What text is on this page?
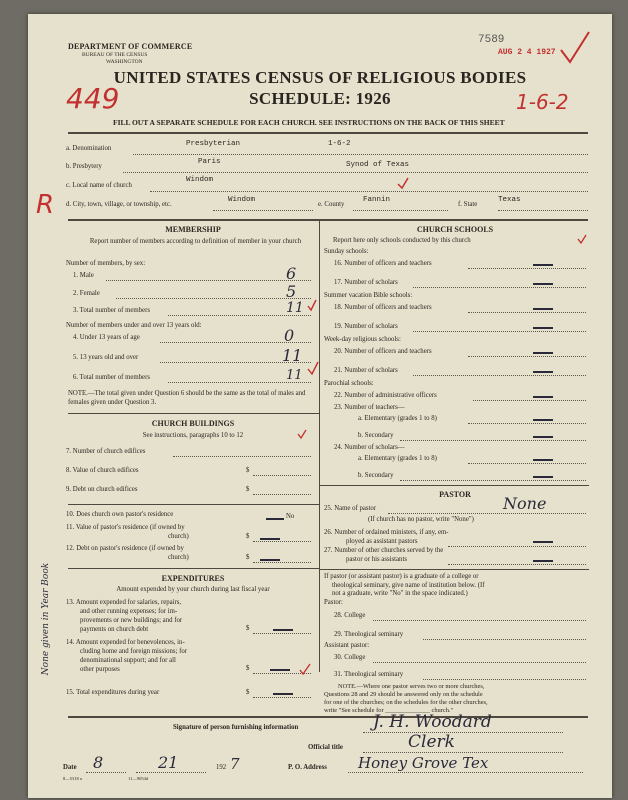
DEPARTMENT OF COMMERCE
BUREAU OF THE CENSUS
WASHINGTON
7589
AUG 2 4 1927
UNITED STATES CENSUS OF RELIGIOUS BODIES
SCHEDULE: 1926
449	1-6-2
FILL OUT A SEPARATE SCHEDULE FOR EACH CHURCH. SEE INSTRUCTIONS ON THE BACK OF THIS SHEET
a. Denomination
Presbyterian	1-6-2
b. Presbytery
Paris	Synod of Texas
c. Local name of church
Windom
R d. City, town, village, or township, etc.
Windom
e. County
Fannin
f. State
Texas
MEMBERSHIP
Report number of members according to definition of member in your church
Number of members, by sex:
1. Male	6
2. Female	5
3. Total number of members	11
Number of members under and over 13 years old:
4. Under 13 years of age	0
5. 13 years old and over	11
6. Total number of members	11
NOTE.—The total given under Question 6 should be the same as the total of males and females given under Question 3.
CHURCH BUILDINGS
See instructions, paragraphs 10 to 12
7. Number of church edifices
8. Value of church edifices	$
9. Debt on church edifices	$
10. Does church own pastor's residence	No
11. Value of pastor's residence (if owned by
church)	$
12. Debt on pastor's residence (if owned by
church)	$
EXPENDITURES
Amount expended by your church during last fiscal year
13. Amount expended for salaries, repairs,
and other running expenses; for im-
provements or new buildings; and for
payments on church debt	$
14. Amount expended for benevolences, in-
cluding home and foreign missions; for
denominational support; and for all
other purposes	$
15. Total expenditures during year	$
None given in Year Book
CHURCH SCHOOLS
Report here only schools conducted by this church
Sunday schools:
16. Number of officers and teachers
17. Number of scholars
Summer vacation Bible schools:
18. Number of officers and teachers
19. Number of scholars
Week-day religious schools:
20. Number of officers and teachers
21. Number of scholars
Parochial schools:
22. Number of administrative officers
23. Number of teachers—
a. Elementary (grades 1 to 8)
b. Secondary
24. Number of scholars—
a. Elementary (grades 1 to 8)
b. Secondary
PASTOR
25. Name of pastor	None
(If church has no pastor, write "None")
26. Number of ordained ministers, if any, em-
ployed as assistant pastors
27. Number of other churches served by the
pastor or his assistants
If pastor (or assistant pastor) is a graduate of a college or
theological seminary, give name of institution below. (If
not a graduate, write "No" in the space indicated.)
Pastor:
28. College
29. Theological seminary
Assistant pastor:
30. College
31. Theological seminary
NOTE.—Where one pastor serves two or more churches,
Questions 28 and 29 should be answered only on the schedule
for one of the churches; on the schedules for the other churches,
write "See schedule for ______________ church."
Signature of person furnishing information	J. H. Woodard
Official title	Clerk
Date 8	21	192 7	P. O. Address Honey Grove Tex
8—5318 a	11—9054d
